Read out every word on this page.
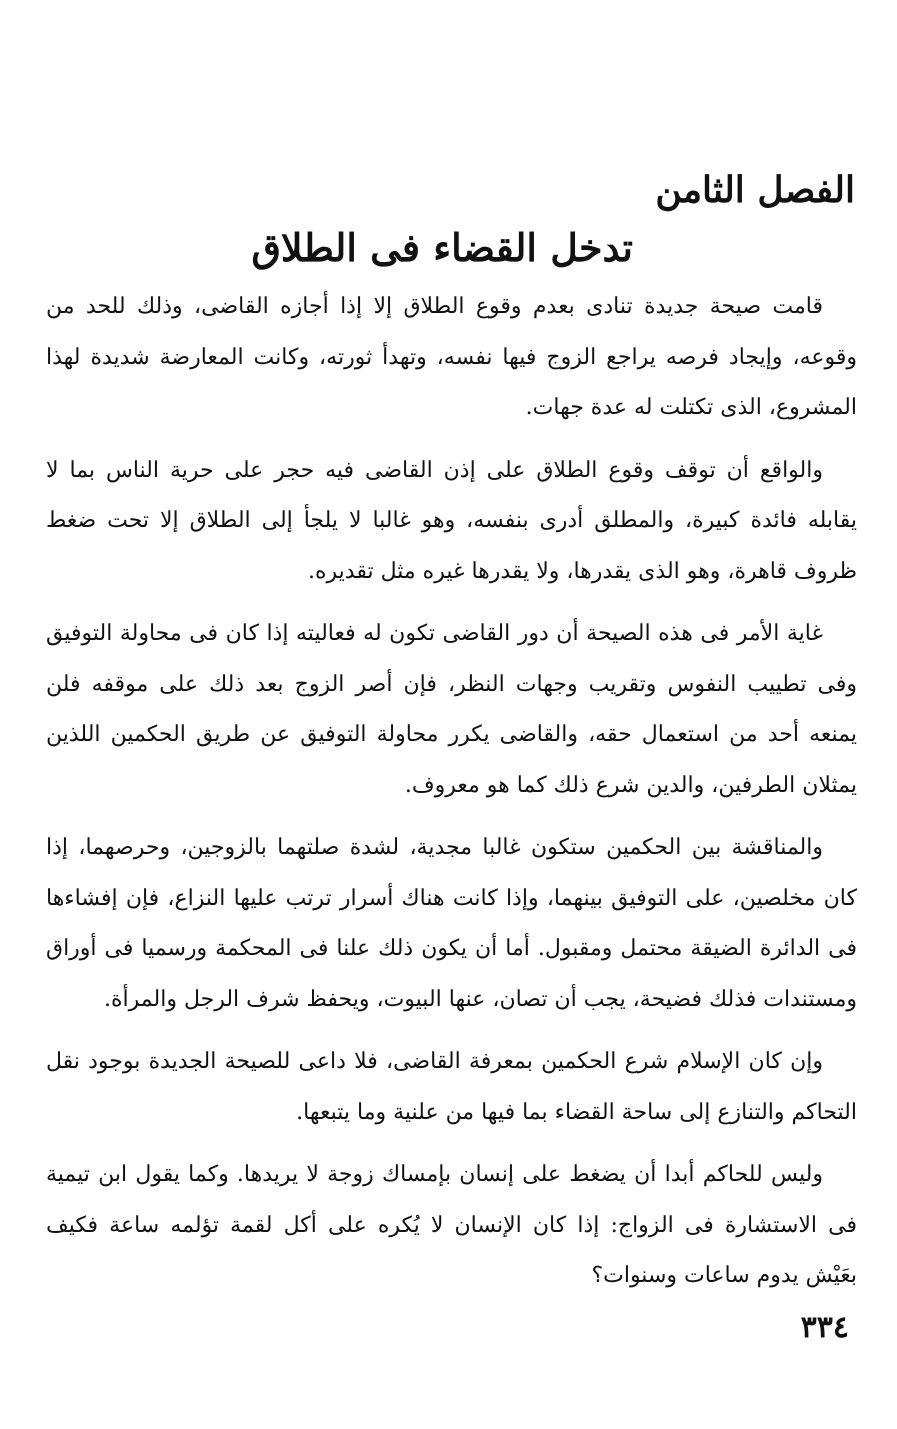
الفصل الثامن
تدخل القضاء فى الطلاق

قامت صيحة جديدة تنادى بعدم وقوع الطلاق إلا إذا أجازه القاضى، وذلك للحد من وقوعه، وإيجاد فرصه يراجع الزوج فيها نفسه، وتهدأ ثورته، وكانت المعارضة شديدة لهذا المشروع، الذى تكتلت له عدة جهات.

والواقع أن توقف وقوع الطلاق على إذن القاضى فيه حجر على حرية الناس بما لا يقابله فائدة كبيرة، والمطلق أدرى بنفسه، وهو غالبا لا يلجأ إلى الطلاق إلا تحت ضغط ظروف قاهرة، وهو الذى يقدرها، ولا يقدرها غيره مثل تقديره.

غاية الأمر فى هذه الصيحة أن دور القاضى تكون له فعاليته إذا كان فى محاولة التوفيق وفى تطييب النفوس وتقريب وجهات النظر، فإن أصر الزوج بعد ذلك على موقفه فلن يمنعه أحد من استعمال حقه، والقاضى يكرر محاولة التوفيق عن طريق الحكمين اللذين يمثلان الطرفين، والدين شرع ذلك كما هو معروف.

والمناقشة بين الحكمين ستكون غالبا مجدية، لشدة صلتهما بالزوجين، وحرصهما، إذا كان مخلصين، على التوفيق بينهما، وإذا كانت هناك أسرار ترتب عليها النزاع، فإن إفشاءها فى الدائرة الضيقة محتمل ومقبول. أما أن يكون ذلك علنا فى المحكمة ورسميا فى أوراق ومستندات فذلك فضيحة، يجب أن تصان، عنها البيوت، ويحفظ شرف الرجل والمرأة.

وإن كان الإسلام شرع الحكمين بمعرفة القاضى، فلا داعى للصيحة الجديدة بوجود نقل التحاكم والتنازع إلى ساحة القضاء بما فيها من علنية وما يتبعها.

وليس للحاكم أبدا أن يضغط على إنسان بإمساك زوجة لا يريدها. وكما يقول ابن تيمية فى الاستشارة فى الزواج: إذا كان الإنسان لا يُكره على أكل لقمة تؤلمه ساعة فكيف بعَيْش يدوم ساعات وسنوات؟

٣٣٤
